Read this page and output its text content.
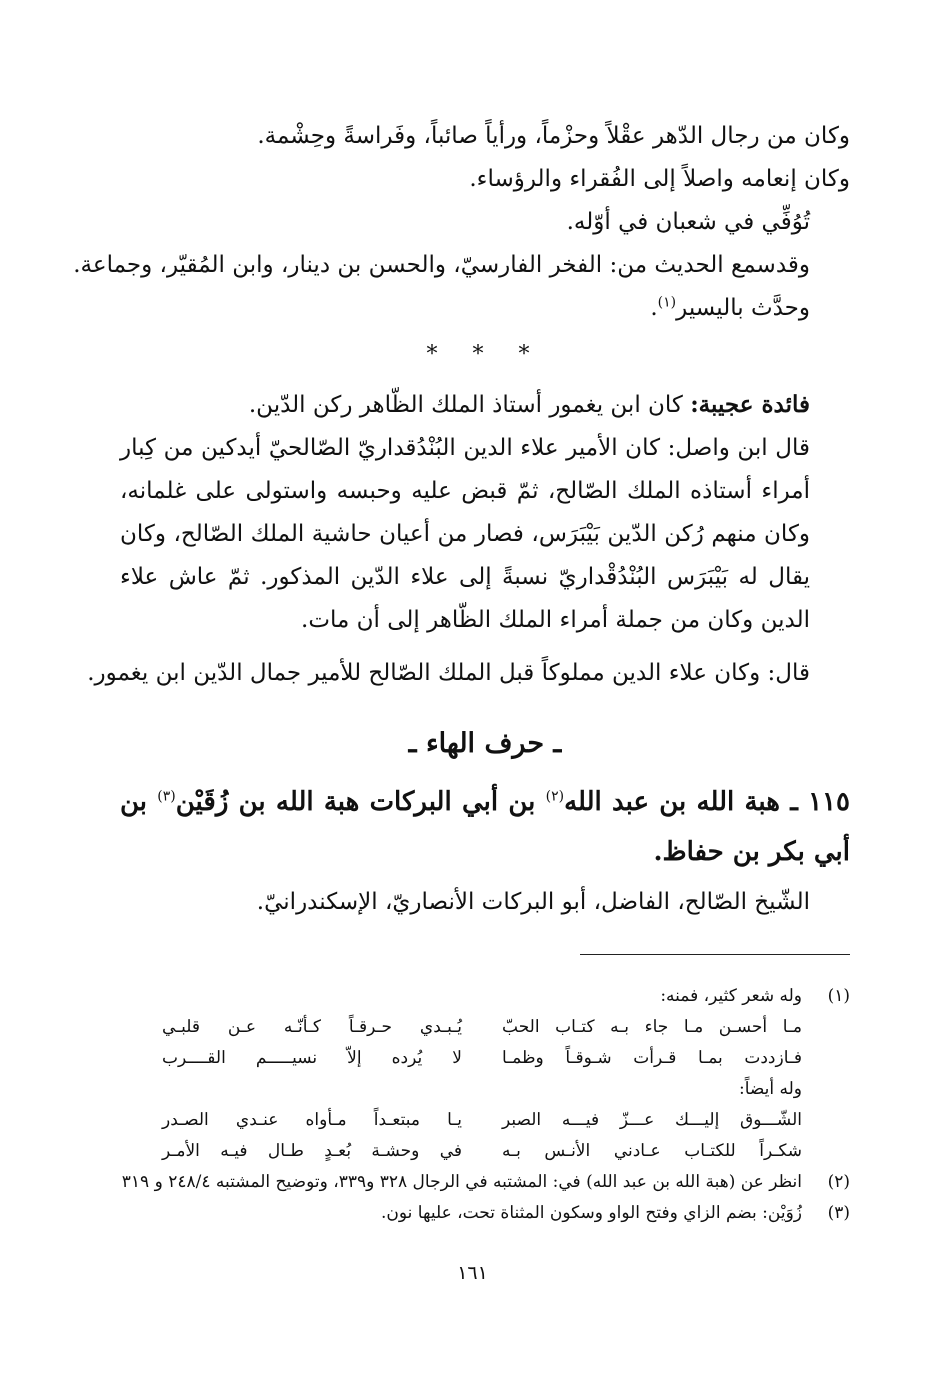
وكان من رجال الدّهر عقْلاً وحزْماً، ورأياً صائباً، وفَراسةً وحِشْمة.

وكان إنعامه واصلاً إلى الفُقراء والرؤساء.

تُوُفِّي في شعبان في أوّله.

وقدسمع الحديث من: الفخر الفارسيّ، والحسن بن دينار، وابن المُقيّر، وجماعة.

وحدَّث باليسير$^{(١)}$.

* * *

فائدة عجيبة: كان ابن يغمور أستاذ الملك الظّاهر ركن الدّين.

قال ابن واصل: كان الأمير علاء الدين البُنْدُقداريّ الصّالحيّ أيدكين من كِبار أمراء أستاذه الملك الصّالح، ثمّ قبض عليه وحبسه واستولى على غلمانه، وكان منهم رُكن الدّين بَيْبَرَس، فصار من أعيان حاشية الملك الصّالح، وكان يقال له بَيْبَرَس البُنْدُقْداريّ نسبةً إلى علاء الدّين المذكور. ثمّ عاش علاء الدين وكان من جملة أمراء الملك الظّاهر إلى أن مات.

قال: وكان علاء الدين مملوكاً قبل الملك الصّالح للأمير جمال الدّين ابن يغمور.

ـ حرف الهاء ـ

١١٥ ـ هبة الله بن عبد الله$^{(٢)}$ بن أبي البركات هبة الله بن زُقَيْن$^{(٣)}$ بن أبي بكر بن حفاظ.

الشّيخ الصّالح، الفاضل، أبو البركات الأنصاريّ، الإسكندرانيّ.

(١)
وله شعر كثير، فمنه:

مـا أحسـن مـا جاء بـه كتـاب الحبّ
يُـبـدي حـرقـاً كـأنّـه عـن قلبـي
فـازددت بمـا قـرأت شـوقـاً وظمـا
لا يُرده إلاّ نسيـــــم القــــرب

وله أيضاً:

الشّـــوق إليـــك عـــزّ فيـــه الصبر
يـا مبتعـداً مـأواه عنـدي الصـدر
شكـراً للكتـاب عـادني الأنـس بـه
في وحشـة بُعـدٍ طـال فيـه الأمـر

(٢)
انظر عن (هبة الله بن عبد الله) في: المشتبه في الرجال ٣٢٨ و٣٣٩، وتوضيح المشتبه ٢٤٨/٤ و ٣١٩

(٣)
زُوَيْن: بضم الزاي وفتح الواو وسكون المثناة تحت، عليها نون.

١٦١
